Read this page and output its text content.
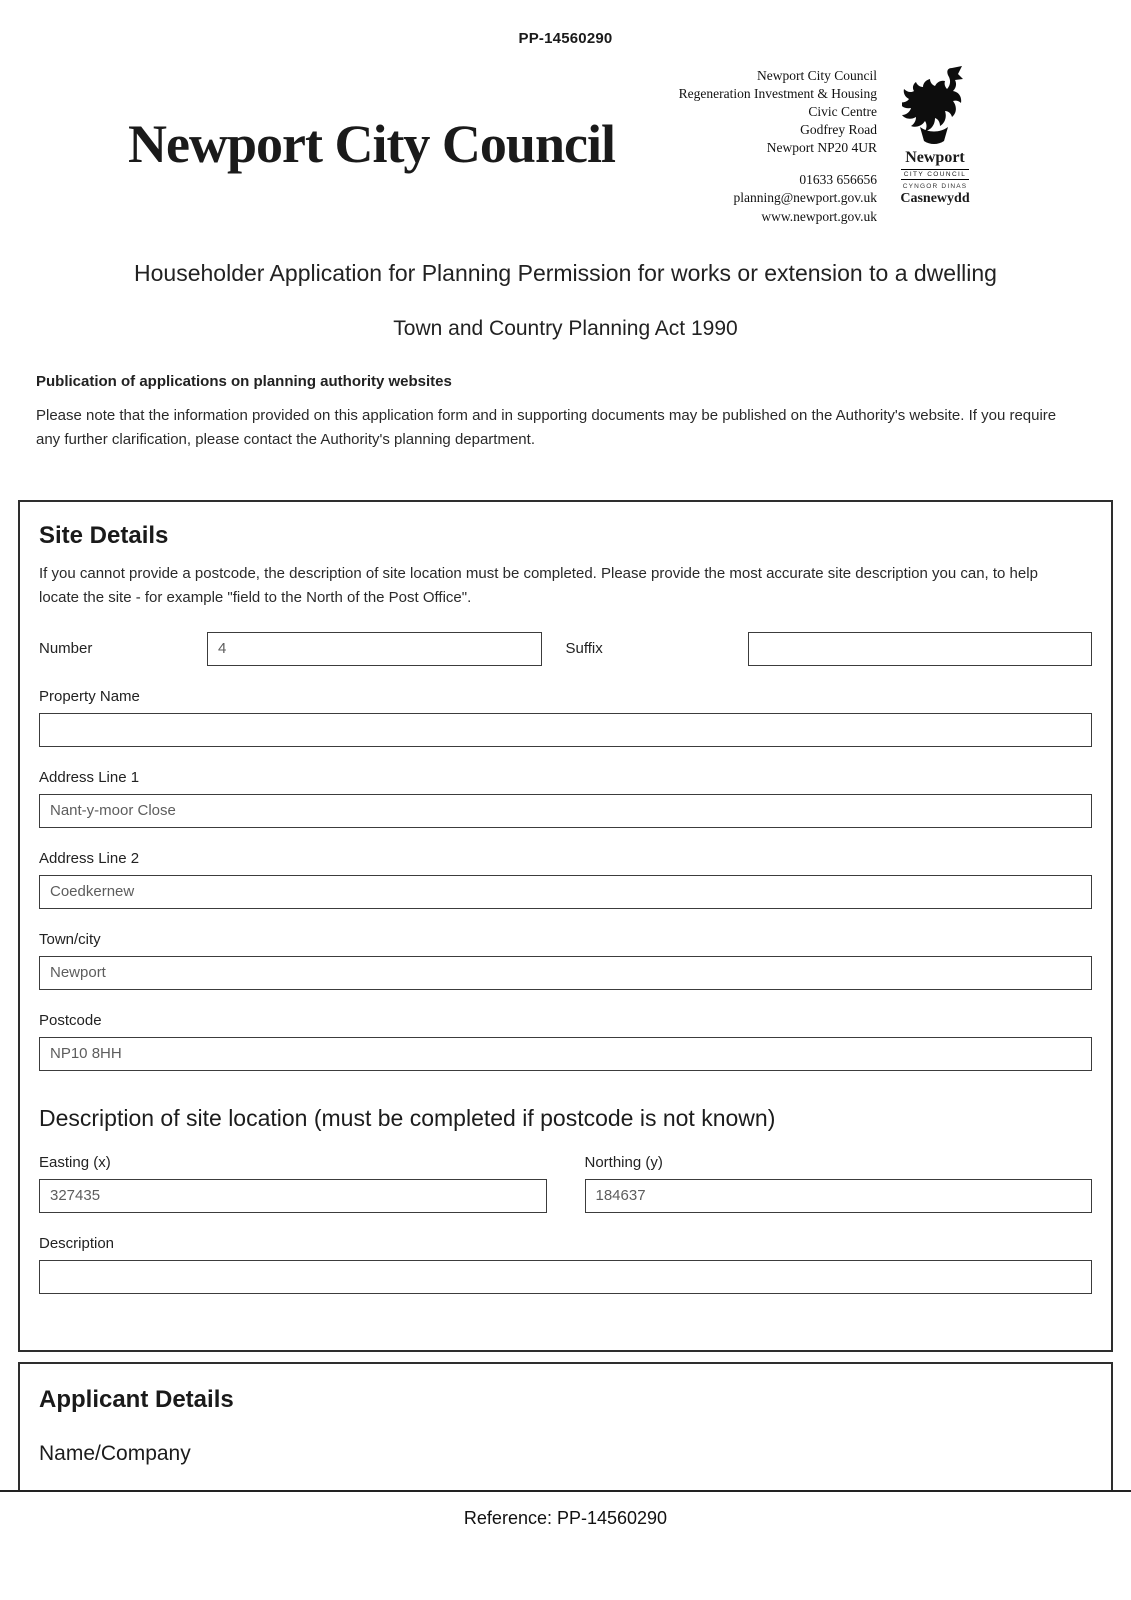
PP-14560290
Newport City Council
Newport City Council
Regeneration Investment & Housing
Civic Centre
Godfrey Road
Newport NP20 4UR
01633 656656
planning@newport.gov.uk
www.newport.gov.uk
Newport
CITY COUNCIL
CYNGOR DINAS
Casnewydd
Householder Application for Planning Permission for works or extension to a dwelling
Town and Country Planning Act 1990
Publication of applications on planning authority websites

Please note that the information provided on this application form and in supporting documents may be published on the Authority's website. If you require any further clarification, please contact the Authority's planning department.

Site Details

If you cannot provide a postcode, the description of site location must be completed. Please provide the most accurate site description you can, to help locate the site - for example "field to the North of the Post Office".

Number
4	Suffix
Property Name
Address Line 1
Nant-y-moor Close
Address Line 2
Coedkernew
Town/city
Newport
Postcode
NP10 8HH
Description of site location (must be completed if postcode is not known)
Easting (x)
327435	Northing (y)
184637
Description
Applicant Details
Name/Company
Reference: PP-14560290
